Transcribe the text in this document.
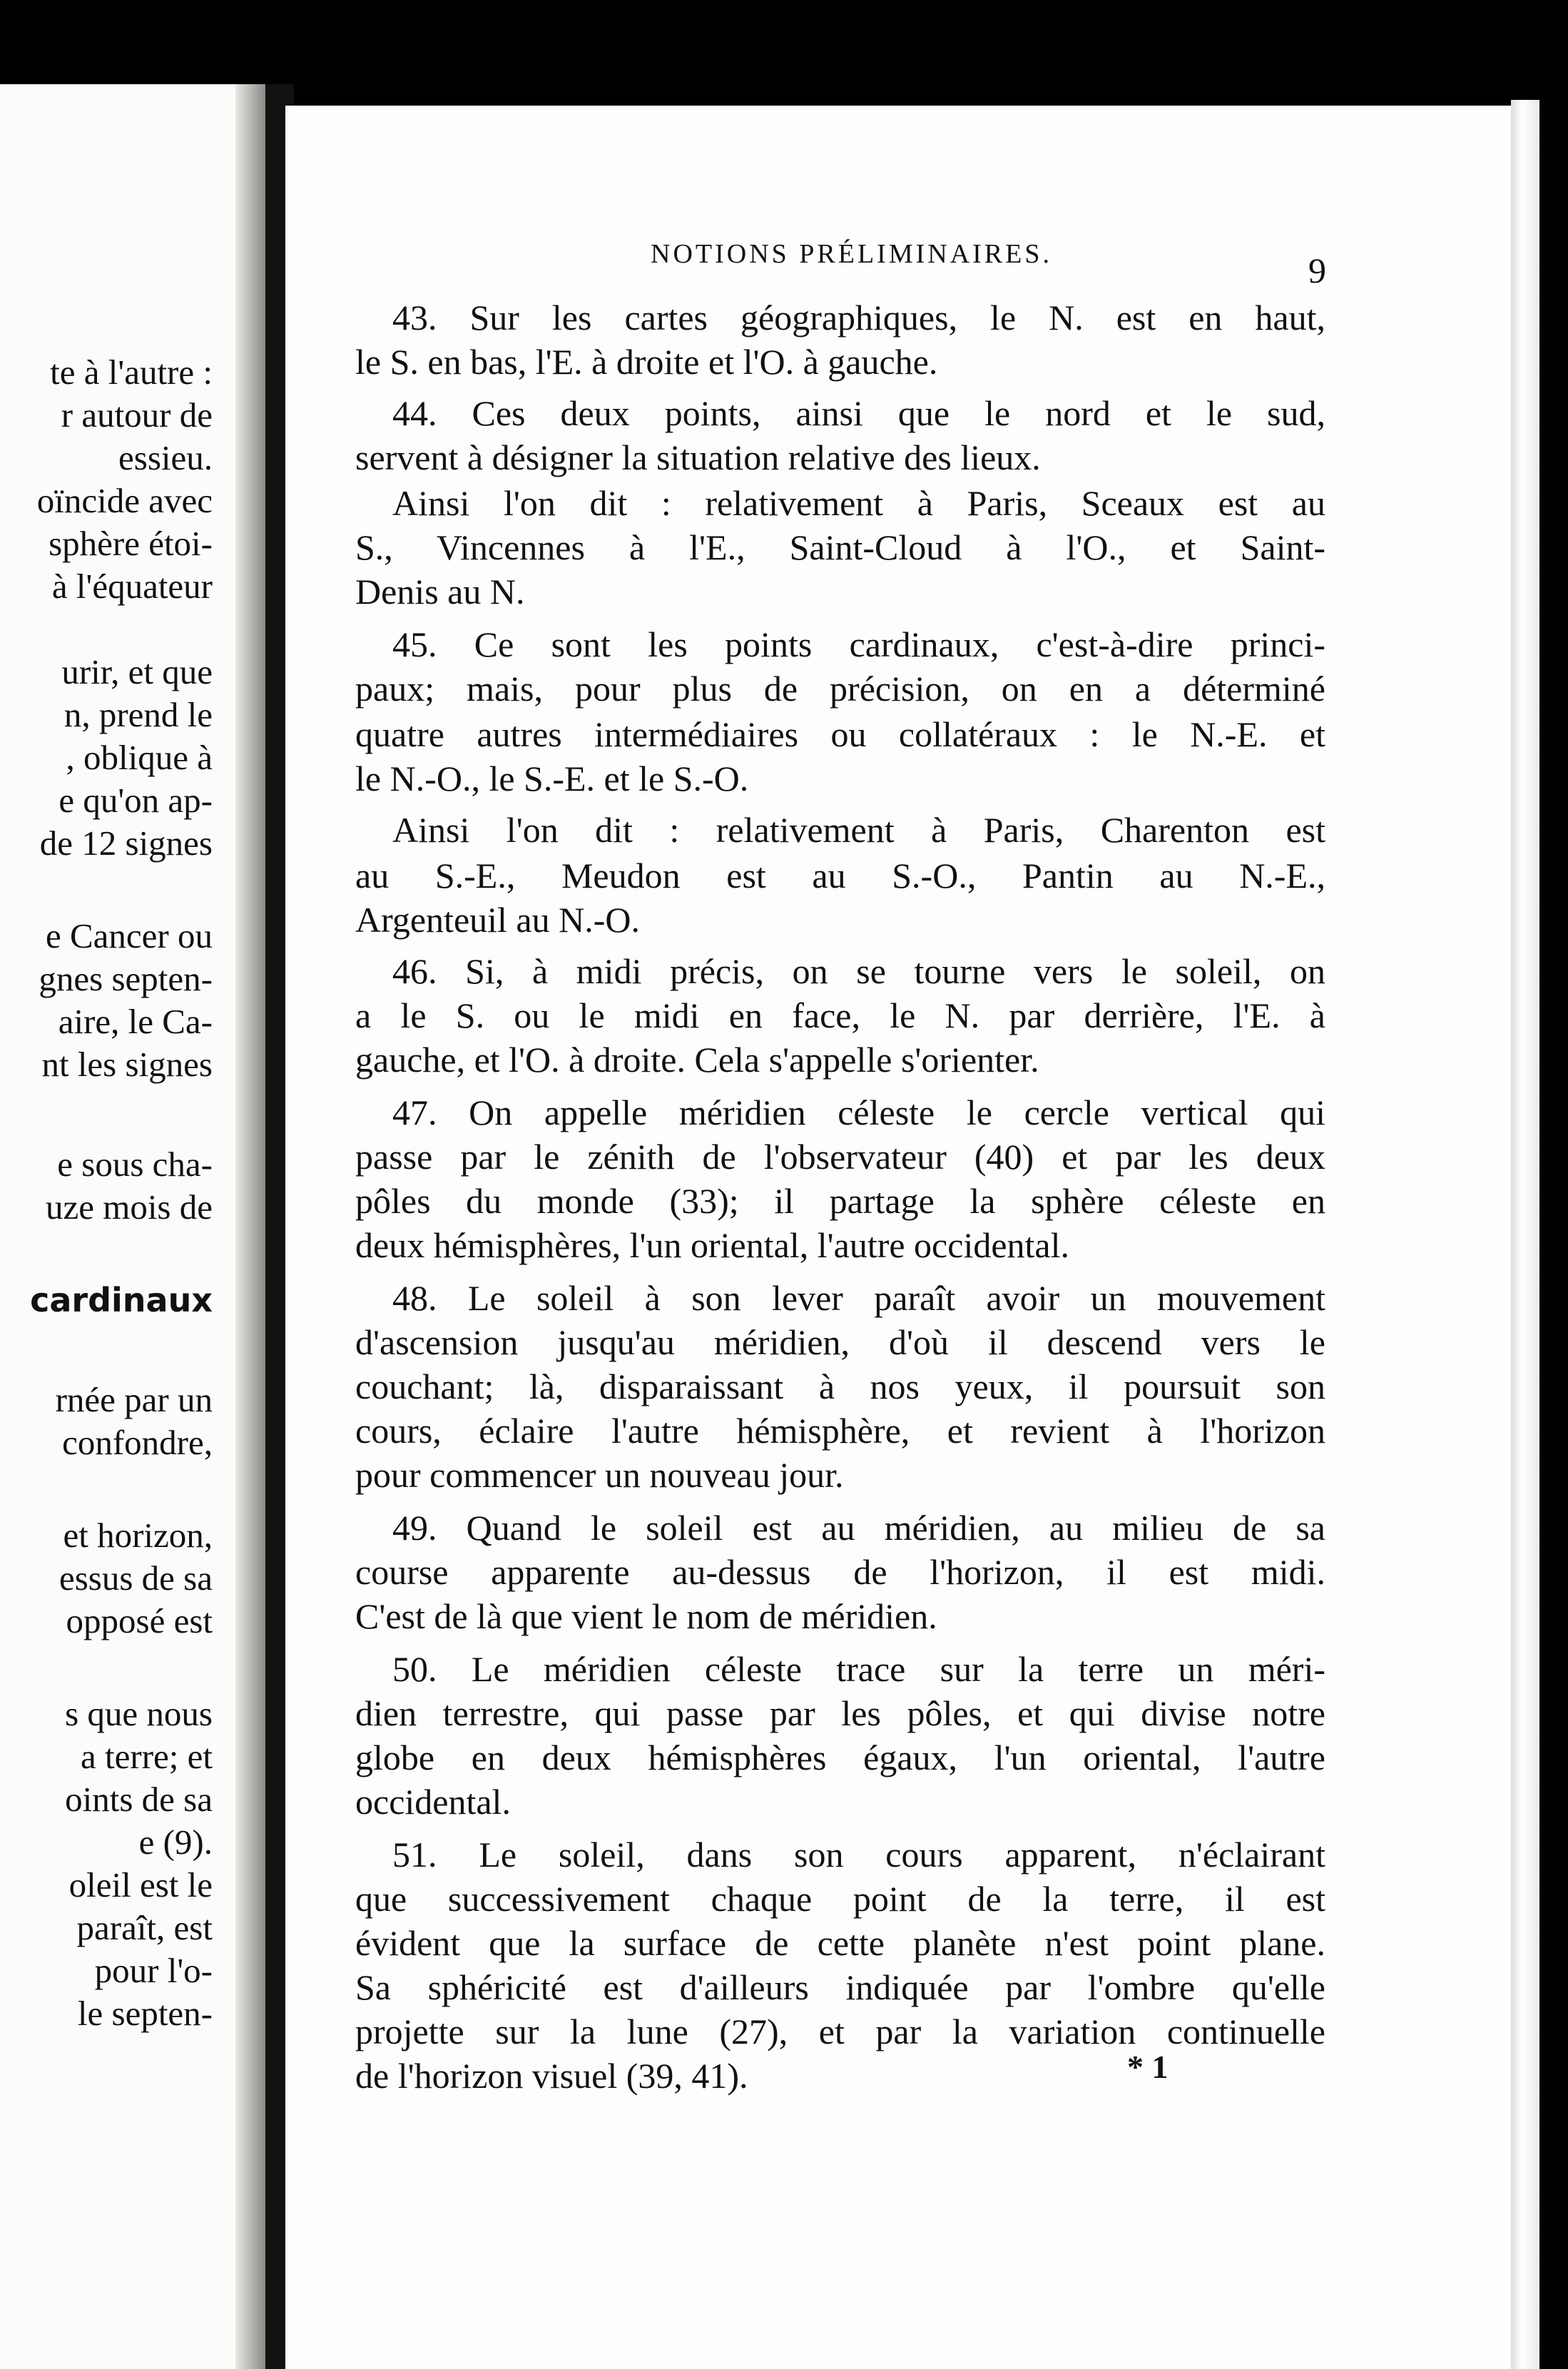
te à l'autre :
r autour de
essieu.
oïncide avec
sphère étoi-
à l'équateur
urir, et que
n, prend le
, oblique à
e qu'on ap-
de 12 signes
e Cancer ou
gnes septen-
aire, le Ca-
nt les signes
e sous cha-
uze mois de
cardinaux
rnée par un
confondre,
et horizon,
essus de sa
opposé est
s que nous
a terre; et
oints de sa
e (9).
oleil est le
paraît, est
pour l'o-
le septen-
NOTIONS PRÉLIMINAIRES.	9
43. Sur les cartes géographiques, le N. est en haut,
le S. en bas, l'E. à droite et l'O. à gauche.
44. Ces deux points, ainsi que le nord et le sud,
servent à désigner la situation relative des lieux.
Ainsi l'on dit : relativement à Paris, Sceaux est au
S., Vincennes à l'E., Saint-Cloud à l'O., et Saint-
Denis au N.
45. Ce sont les points cardinaux, c'est-à-dire princi-
paux; mais, pour plus de précision, on en a déterminé
quatre autres intermédiaires ou collatéraux : le N.-E. et
le N.-O., le S.-E. et le S.-O.
Ainsi l'on dit : relativement à Paris, Charenton est
au S.-E., Meudon est au S.-O., Pantin au N.-E.,
Argenteuil au N.-O.
46. Si, à midi précis, on se tourne vers le soleil, on
a le S. ou le midi en face, le N. par derrière, l'E. à
gauche, et l'O. à droite. Cela s'appelle s'orienter.
47. On appelle méridien céleste le cercle vertical qui
passe par le zénith de l'observateur (40) et par les deux
pôles du monde (33); il partage la sphère céleste en
deux hémisphères, l'un oriental, l'autre occidental.
48. Le soleil à son lever paraît avoir un mouvement
d'ascension jusqu'au méridien, d'où il descend vers le
couchant; là, disparaissant à nos yeux, il poursuit son
cours, éclaire l'autre hémisphère, et revient à l'horizon
pour commencer un nouveau jour.
49. Quand le soleil est au méridien, au milieu de sa
course apparente au-dessus de l'horizon, il est midi.
C'est de là que vient le nom de méridien.
50. Le méridien céleste trace sur la terre un méri-
dien terrestre, qui passe par les pôles, et qui divise notre
globe en deux hémisphères égaux, l'un oriental, l'autre
occidental.
51. Le soleil, dans son cours apparent, n'éclairant
que successivement chaque point de la terre, il est
évident que la surface de cette planète n'est point plane.
Sa sphéricité est d'ailleurs indiquée par l'ombre qu'elle
projette sur la lune (27), et par la variation continuelle
de l'horizon visuel (39, 41).	* 1
